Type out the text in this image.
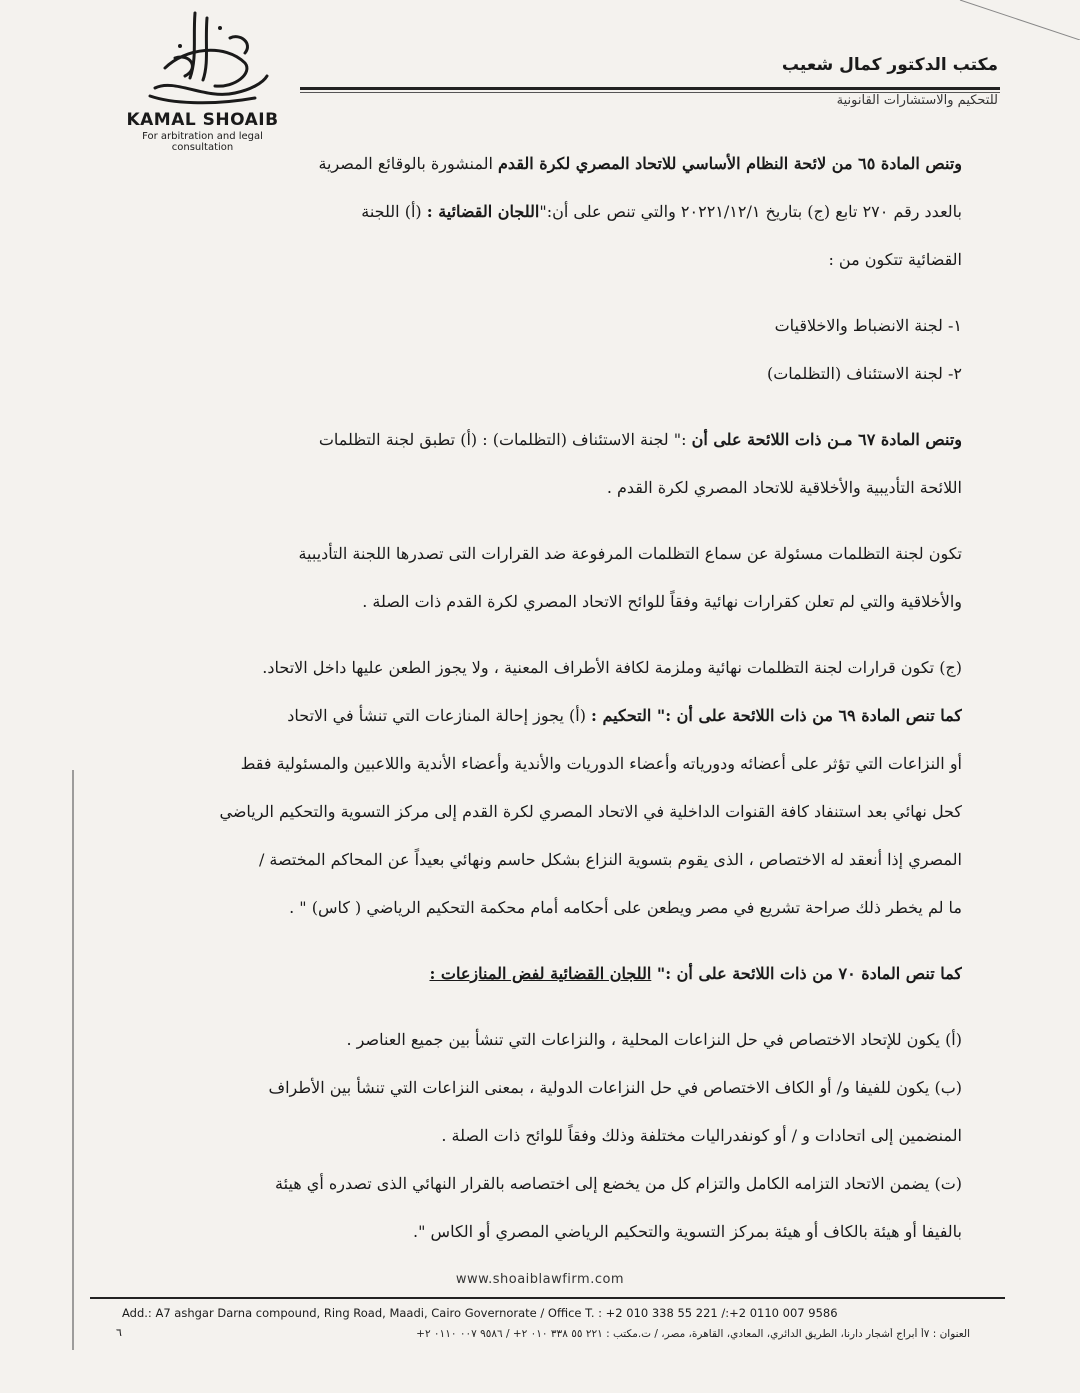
KAMAL SHOAIB
For arbitration and legal consultation
مكتب الدكتور كمال شعيب
للتحكيم والاستشارات القانونية
وتنص المادة ٦٥ من لائحة النظام الأساسي للاتحاد المصري لكرة القدم المنشورة بالوقائع المصرية
بالعدد رقم ٢٧٠ تابع (ج) بتاريخ ٢٠٢٢١/١٢/١ والتي تنص على أن:"اللجان القضائية : (أ) اللجنة
القضائية تتكون من :
١- لجنة الانضباط والاخلاقيات
٢- لجنة الاستئناف (التظلمات)
وتنص المادة ٦٧ مـن ذات اللائحة على أن :" لجنة الاستئناف (التظلمات) : (أ) تطبق لجنة التظلمات
اللائحة التأديبية والأخلاقية للاتحاد المصري لكرة القدم .
تكون لجنة التظلمات مسئولة عن سماع التظلمات المرفوعة ضد القرارات التى تصدرها اللجنة التأديبية
والأخلاقية والتي لم تعلن كقرارات نهائية وفقاً للوائح الاتحاد المصري لكرة القدم ذات الصلة .
(ج) تكون قرارات لجنة التظلمات نهائية وملزمة لكافة الأطراف المعنية ، ولا يجوز الطعن عليها داخل الاتحاد.
كما تنص المادة ٦٩ من ذات اللائحة على أن :" التحكيم : (أ) يجوز إحالة المنازعات التي تنشأ في الاتحاد
أو النزاعات التي تؤثر على أعضائه ودورياته وأعضاء الدوريات والأندية وأعضاء الأندية واللاعبين والمسئولية فقط
كحل نهائي بعد استنفاد كافة القنوات الداخلية في الاتحاد المصري لكرة القدم إلى مركز التسوية والتحكيم الرياضي
المصري إذا أنعقد له الاختصاص ، الذى يقوم بتسوية النزاع بشكل حاسم ونهائي بعيداً عن المحاكم المختصة /
ما لم يخطر ذلك صراحة تشريع في مصر ويطعن على أحكامه أمام محكمة التحكيم الرياضي ( كاس) " .
كما تنص المادة ٧٠ من ذات اللائحة على أن :" اللجان القضائية لفض المنازعات :
(أ) يكون للإتحاد الاختصاص في حل النزاعات المحلية ، والنزاعات التي تنشأ بين جميع العناصر .
(ب) يكون للفيفا و/ أو الكاف الاختصاص في حل النزاعات الدولية ، بمعنى النزاعات التي تنشأ بين الأطراف
المنضمين إلى اتحادات و / أو كونفدراليات مختلفة وذلك وفقاً للوائح ذات الصلة .
(ت) يضمن الاتحاد التزامه الكامل والتزام كل من يخضع إلى اختصاصه بالقرار النهائي الذى تصدره أي هيئة
بالفيفا أو هيئة بالكاف أو هيئة بمركز التسوية والتحكيم الرياضي المصري أو الكاس ".
www.shoaiblawfirm.com
Add.: A7 ashgar Darna compound, Ring Road, Maadi, Cairo Governorate / Office T. : +2 010 338 55 221 /:+2 0110 007 9586
٦	العنوان : ٧أ أبراج أشجار دارنا، الطريق الدائري، المعادي، القاهرة، مصر، / ت.مكتب : ٢٢١ ٥٥ ٣٣٨ ٠١٠ ٢+ / ٩٥٨٦ ٠٠٧ ٠١١٠ ٢+
